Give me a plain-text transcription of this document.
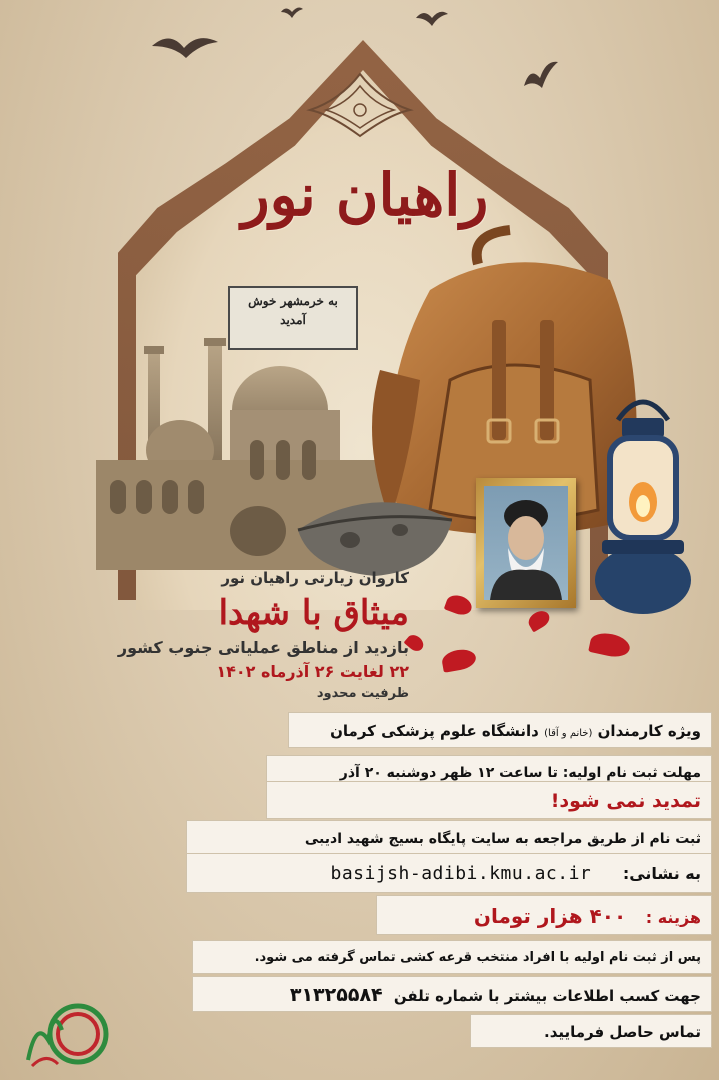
راهیان نور
به خرمشهر خوش
آمدید

کاروان زیارتی راهیان نور

میثاق با شهدا

بازدید از مناطق عملیاتی جنوب کشور

۲۲ لغایت ۲۶ آذرماه ۱۴۰۲

ظرفیت محدود

ویژه کارمندان (خانم و آقا) دانشگاه علوم پزشکی کرمان
مهلت ثبت نام اولیه: تا ساعت ۱۲ ظهر دوشنبه ۲۰ آذر
تمدید نمی شود!
ثبت نام از طریق مراجعه به سایت پایگاه بسیج شهید ادیبی
به نشانی: basijsh-adibi.kmu.ac.ir
هزینه : ۴۰۰ هزار تومان
پس از ثبت نام اولیه با افراد منتخب قرعه کشی تماس گرفته می شود.
جهت کسب اطلاعات بیشتر با شماره تلفن ۳۱۳۲۵۵۸۴
تماس حاصل فرمایید.
